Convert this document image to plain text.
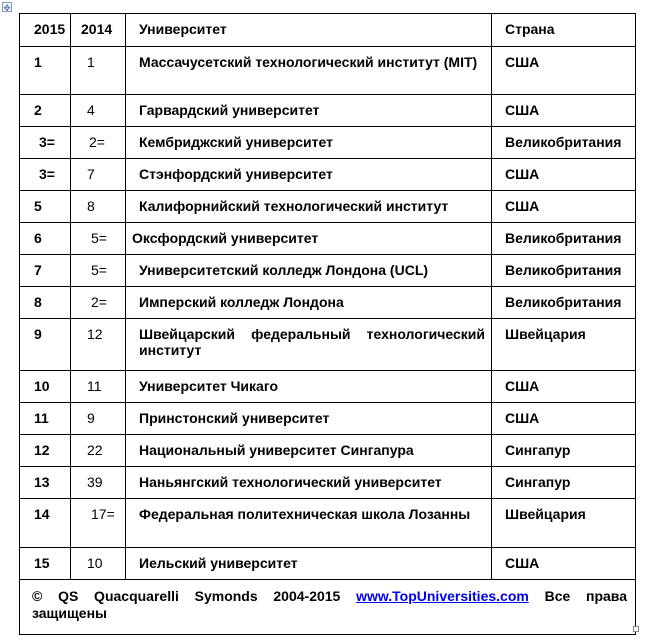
✥
2015	2014	Университет	Страна
1	1	Массачусетский технологический институт (MIT)	США
2	4	Гарвардский университет	США
3=	2=	Кембриджский университет	Великобритания
3=	7	Стэнфордский университет	США
5	8	Калифорнийский технологический институт	США
6	5=	Оксфордский университет	Великобритания
7	5=	Университетский колледж Лондона (UCL)	Великобритания
8	2=	Имперский колледж Лондона	Великобритания
9	12	Швейцарский федеральный технологический институт	Швейцария
10	11	Университет Чикаго	США
11	9	Принстонский университет	США
12	22	Национальный университет Сингапура	Сингапур
13	39	Наньянгский технологический университет	Сингапур
14	17=	Федеральная политехническая школа Лозанны	Швейцария
15	10	Иельский университет	США
© QS Quacquarelli Symonds 2004-2015 www.TopUniversities.com Все права защищены			
